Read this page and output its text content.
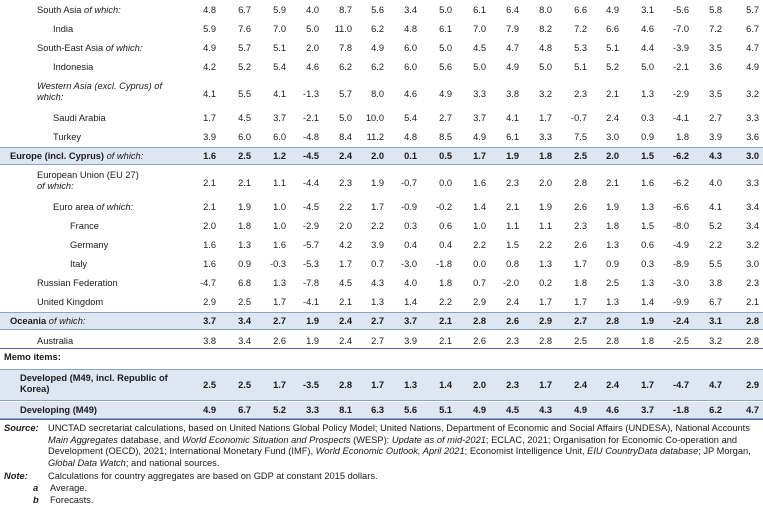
South Asia of which:	4.8	6.7	5.9	4.0	8.7	5.6	3.4	5.0	6.1	6.4	8.0	6.6	4.9	3.1	-5.6	5.8	5.7
India	5.9	7.6	7.0	5.0	11.0	6.2	4.8	6.1	7.0	7.9	8.2	7.2	6.6	4.6	-7.0	7.2	6.7
South-East Asia of which:	4.9	5.7	5.1	2.0	7.8	4.9	6.0	5.0	4.5	4.7	4.8	5.3	5.1	4.4	-3.9	3.5	4.7
Indonesia	4.2	5.2	5.4	4.6	6.2	6.2	6.0	5.6	5.0	4.9	5.0	5.1	5.2	5.0	-2.1	3.6	4.9
Western Asia (excl. Cyprus) of which:	4.1	5.5	4.1	-1.3	5.7	8.0	4.6	4.9	3.3	3.8	3.2	2.3	2.1	1.3	-2.9	3.5	3.2
Saudi Arabia	1.7	4.5	3.7	-2.1	5.0	10.0	5.4	2.7	3.7	4.1	1.7	-0.7	2.4	0.3	-4.1	2.7	3.3
Turkey	3.9	6.0	6.0	-4.8	8.4	11.2	4.8	8.5	4.9	6.1	3.3	7.5	3.0	0.9	1.8	3.9	3.6
Europe (incl. Cyprus) of which:	1.6	2.5	1.2	-4.5	2.4	2.0	0.1	0.5	1.7	1.9	1.8	2.5	2.0	1.5	-6.2	4.3	3.0
European Union (EU 27)
of which:	2.1	2.1	1.1	-4.4	2.3	1.9	-0.7	0.0	1.6	2.3	2.0	2.8	2.1	1.6	-6.2	4.0	3.3
Euro area of which:	2.1	1.9	1.0	-4.5	2.2	1.7	-0.9	-0.2	1.4	2.1	1.9	2.6	1.9	1.3	-6.6	4.1	3.4
France	2.0	1.8	1.0	-2.9	2.0	2.2	0.3	0.6	1.0	1.1	1.1	2.3	1.8	1.5	-8.0	5.2	3.4
Germany	1.6	1.3	1.6	-5.7	4.2	3.9	0.4	0.4	2.2	1.5	2.2	2.6	1.3	0.6	-4.9	2.2	3.2
Italy	1.6	0.9	-0.3	-5.3	1.7	0.7	-3.0	-1.8	0.0	0.8	1.3	1.7	0.9	0.3	-8.9	5.5	3.0
Russian Federation	-4.7	6.8	1.3	-7.8	4.5	4.3	4.0	1.8	0.7	-2.0	0.2	1.8	2.5	1.3	-3.0	3.8	2.3
United Kingdom	2.9	2.5	1.7	-4.1	2.1	1.3	1.4	2.2	2.9	2.4	1.7	1.7	1.3	1.4	-9.9	6.7	2.1
Oceania of which:	3.7	3.4	2.7	1.9	2.4	2.7	3.7	2.1	2.8	2.6	2.9	2.7	2.8	1.9	-2.4	3.1	2.8
Australia	3.8	3.4	2.6	1.9	2.4	2.7	3.9	2.1	2.6	2.3	2.8	2.5	2.8	1.8	-2.5	3.2	2.8
Memo items:
Developed (M49, incl. Republic of Korea)	2.5	2.5	1.7	-3.5	2.8	1.7	1.3	1.4	2.0	2.3	1.7	2.4	2.4	1.7	-4.7	4.7	2.9
Developing (M49)	4.9	6.7	5.2	3.3	8.1	6.3	5.6	5.1	4.9	4.5	4.3	4.9	4.6	3.7	-1.8	6.2	4.7
Source: UNCTAD secretariat calculations, based on United Nations Global Policy Model; United Nations, Department of Economic and Social Affairs (UNDESA), National Accounts Main Aggregates database, and World Economic Situation and Prospects (WESP): Update as of mid-2021; ECLAC, 2021; Organisation for Economic Co-operation and Development (OECD), 2021; International Monetary Fund (IMF), World Economic Outlook, April 2021; Economist Intelligence Unit, EIU CountryData database; JP Morgan, Global Data Watch; and national sources.
Note: Calculations for country aggregates are based on GDP at constant 2015 dollars.
a Average.
b Forecasts.
